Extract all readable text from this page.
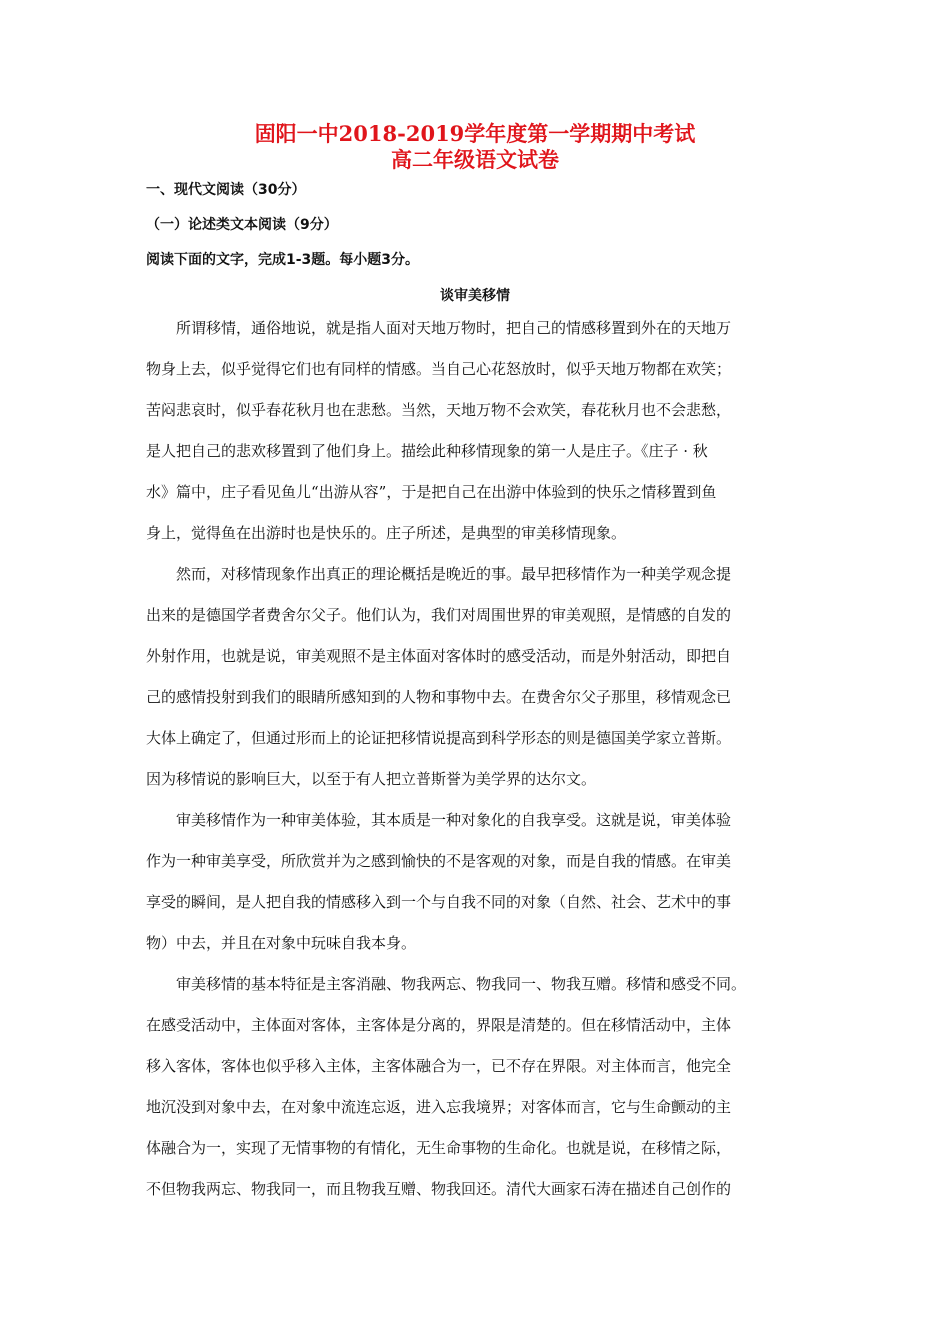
固阳一中2018-2019学年度第一学期期中考试
高二年级语文试卷
一、现代文阅读（30分）
（一）论述类文本阅读（9分）
阅读下面的文字，完成1-3题。每小题3分。
谈审美移情
所谓移情，通俗地说，就是指人面对天地万物时，把自己的情感移置到外在的天地万
物身上去，似乎觉得它们也有同样的情感。当自己心花怒放时，似乎天地万物都在欢笑；
苦闷悲哀时，似乎春花秋月也在悲愁。当然，天地万物不会欢笑，春花秋月也不会悲愁，
是人把自己的悲欢移置到了他们身上。描绘此种移情现象的第一人是庄子。《庄子 · 秋
水》篇中，庄子看见鱼儿“出游从容”，于是把自己在出游中体验到的快乐之情移置到鱼
身上，觉得鱼在出游时也是快乐的。庄子所述，是典型的审美移情现象。
然而，对移情现象作出真正的理论概括是晚近的事。最早把移情作为一种美学观念提
出来的是德国学者费舍尔父子。他们认为，我们对周围世界的审美观照，是情感的自发的
外射作用，也就是说，审美观照不是主体面对客体时的感受活动，而是外射活动，即把自
己的感情投射到我们的眼睛所感知到的人物和事物中去。在费舍尔父子那里，移情观念已
大体上确定了，但通过形而上的论证把移情说提高到科学形态的则是德国美学家立普斯。
因为移情说的影响巨大，以至于有人把立普斯誉为美学界的达尔文。
审美移情作为一种审美体验，其本质是一种对象化的自我享受。这就是说，审美体验
作为一种审美享受，所欣赏并为之感到愉快的不是客观的对象，而是自我的情感。在审美
享受的瞬间，是人把自我的情感移入到一个与自我不同的对象（自然、社会、艺术中的事
物）中去，并且在对象中玩味自我本身。
审美移情的基本特征是主客消融、物我两忘、物我同一、物我互赠。移情和感受不同。
在感受活动中，主体面对客体，主客体是分离的，界限是清楚的。但在移情活动中，主体
移入客体，客体也似乎移入主体，主客体融合为一，已不存在界限。对主体而言，他完全
地沉没到对象中去，在对象中流连忘返，进入忘我境界；对客体而言，它与生命颤动的主
体融合为一，实现了无情事物的有情化，无生命事物的生命化。也就是说，在移情之际，
不但物我两忘、物我同一，而且物我互赠、物我回还。清代大画家石涛在描述自己创作的
